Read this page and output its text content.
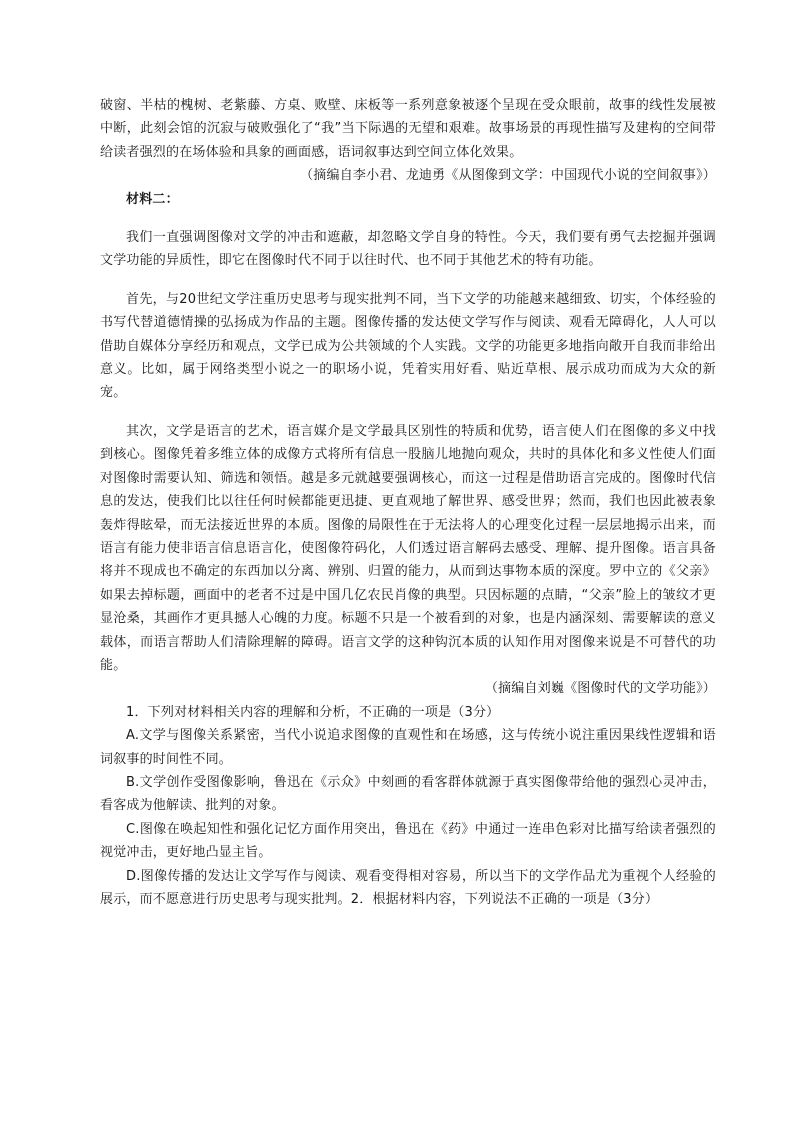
破窗、半枯的槐树、老紫藤、方桌、败壁、床板等一系列意象被逐个呈现在受众眼前，故事的线性发展被中断，此刻会馆的沉寂与破败强化了“我”当下际遇的无望和艰难。故事场景的再现性描写及建构的空间带给读者强烈的在场体验和具象的画面感，语词叙事达到空间立体化效果。

（摘编自李小君、龙迪勇《从图像到文学：中国现代小说的空间叙事》）

材料二：

我们一直强调图像对文学的冲击和遮蔽，却忽略文学自身的特性。今天，我们要有勇气去挖掘并强调文学功能的异质性，即它在图像时代不同于以往时代、也不同于其他艺术的特有功能。

首先，与20世纪文学注重历史思考与现实批判不同，当下文学的功能越来越细致、切实，个体经验的书写代替道德情操的弘扬成为作品的主题。图像传播的发达使文学写作与阅读、观看无障碍化，人人可以借助自媒体分享经历和观点，文学已成为公共领域的个人实践。文学的功能更多地指向敞开自我而非给出意义。比如，属于网络类型小说之一的职场小说，凭着实用好看、贴近草根、展示成功而成为大众的新宠。

其次，文学是语言的艺术，语言媒介是文学最具区别性的特质和优势，语言使人们在图像的多义中找到核心。图像凭着多维立体的成像方式将所有信息一股脑儿地抛向观众，共时的具体化和多义性使人们面对图像时需要认知、筛选和领悟。越是多元就越要强调核心，而这一过程是借助语言完成的。图像时代信息的发达，使我们比以往任何时候都能更迅捷、更直观地了解世界、感受世界；然而，我们也因此被表象轰炸得眩晕，而无法接近世界的本质。图像的局限性在于无法将人的心理变化过程一层层地揭示出来，而语言有能力使非语言信息语言化，使图像符码化，人们透过语言解码去感受、理解、提升图像。语言具备将并不现成也不确定的东西加以分离、辨别、归置的能力，从而到达事物本质的深度。罗中立的《父亲》如果去掉标题，画面中的老者不过是中国几亿农民肖像的典型。只因标题的点睛，“父亲”脸上的皱纹才更显沧桑，其画作才更具撼人心魄的力度。标题不只是一个被看到的对象，也是内涵深刻、需要解读的意义载体，而语言帮助人们清除理解的障碍。语言文学的这种钩沉本质的认知作用对图像来说是不可替代的功能。

（摘编自刘巍《图像时代的文学功能》）

1．下列对材料相关内容的理解和分析，不正确的一项是（3分）

A.文学与图像关系紧密，当代小说追求图像的直观性和在场感，这与传统小说注重因果线性逻辑和语词叙事的时间性不同。

B.文学创作受图像影响，鲁迅在《示众》中刻画的看客群体就源于真实图像带给他的强烈心灵冲击，看客成为他解读、批判的对象。

C.图像在唤起知性和强化记忆方面作用突出，鲁迅在《药》中通过一连串色彩对比描写给读者强烈的视觉冲击，更好地凸显主旨。

D.图像传播的发达让文学写作与阅读、观看变得相对容易，所以当下的文学作品尤为重视个人经验的展示，而不愿意进行历史思考与现实批判。2．根据材料内容，下列说法不正确的一项是（3分）
